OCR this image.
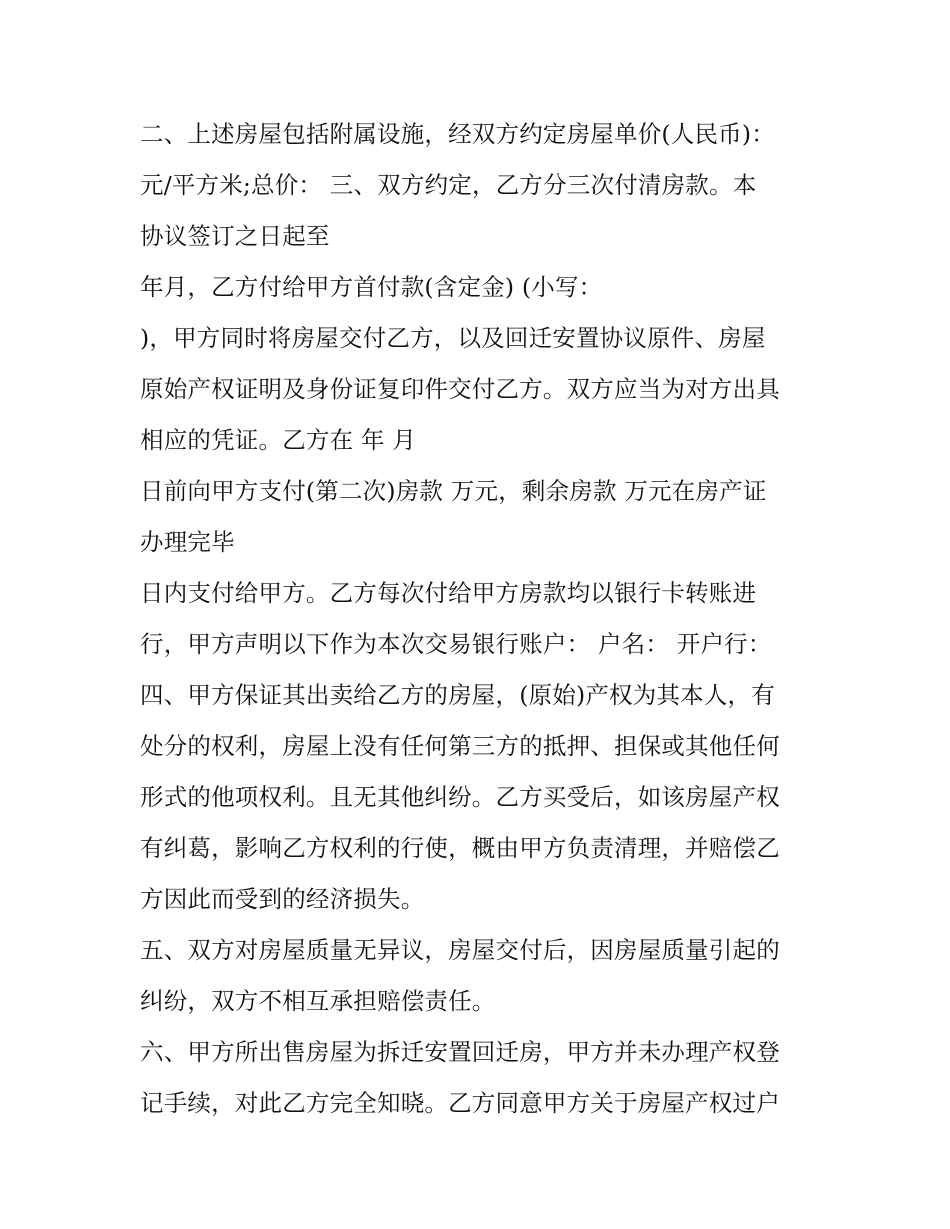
二、上述房屋包括附属设施，经双方约定房屋单价(人民币)：
元/平方米;总价： 三、双方约定，乙方分三次付清房款。本
协议签订之日起至
年月，乙方付给甲方首付款(含定金) (小写：
)，甲方同时将房屋交付乙方，以及回迁安置协议原件、房屋
原始产权证明及身份证复印件交付乙方。双方应当为对方出具
相应的凭证。乙方在 年 月
日前向甲方支付(第二次)房款 万元，剩余房款 万元在房产证
办理完毕
日内支付给甲方。乙方每次付给甲方房款均以银行卡转账进
行，甲方声明以下作为本次交易银行账户： 户名： 开户行：
四、甲方保证其出卖给乙方的房屋，(原始)产权为其本人，有
处分的权利，房屋上没有任何第三方的抵押、担保或其他任何
形式的他项权利。且无其他纠纷。乙方买受后，如该房屋产权
有纠葛，影响乙方权利的行使，概由甲方负责清理，并赔偿乙
方因此而受到的经济损失。
五、双方对房屋质量无异议，房屋交付后，因房屋质量引起的
纠纷，双方不相互承担赔偿责任。
六、甲方所出售房屋为拆迁安置回迁房，甲方并未办理产权登
记手续，对此乙方完全知晓。乙方同意甲方关于房屋产权过户
